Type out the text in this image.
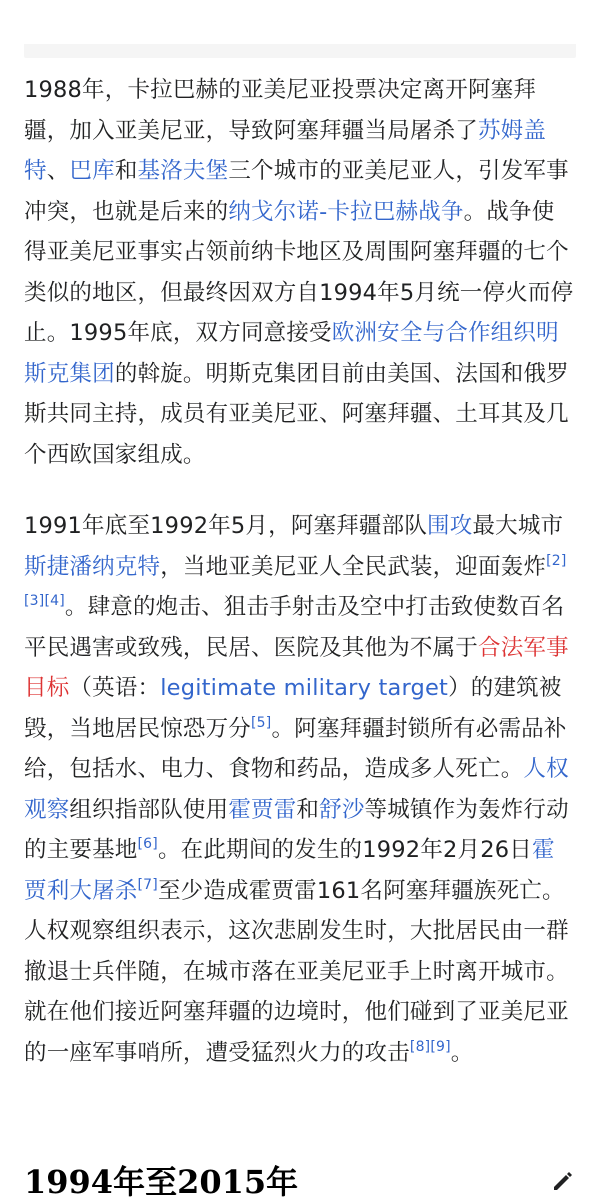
1988年，卡拉巴赫的亚美尼亚投票决定离开阿塞拜疆，加入亚美尼亚，导致阿塞拜疆当局屠杀了苏姆盖特、巴库和基洛夫堡三个城市的亚美尼亚人，引发军事冲突，也就是后来的纳戈尔诺-卡拉巴赫战争。战争使得亚美尼亚事实占领前纳卡地区及周围阿塞拜疆的七个类似的地区，但最终因双方自1994年5月统一停火而停止。1995年底，双方同意接受欧洲安全与合作组织明斯克集团的斡旋。明斯克集团目前由美国、法国和俄罗斯共同主持，成员有亚美尼亚、阿塞拜疆、土耳其及几个西欧国家组成。

1991年底至1992年5月，阿塞拜疆部队围攻最大城市斯捷潘纳克特，当地亚美尼亚人全民武装，迎面轰炸[2][3][4]。肆意的炮击、狙击手射击及空中打击致使数百名平民遇害或致残，民居、医院及其他为不属于合法军事目标（英语：legitimate military target）的建筑被毁，当地居民惊恐万分[5]。阿塞拜疆封锁所有必需品补给，包括水、电力、食物和药品，造成多人死亡。人权观察组织指部队使用霍贾雷和舒沙等城镇作为轰炸行动的主要基地[6]。在此期间的发生的1992年2月26日霍贾利大屠杀[7]至少造成霍贾雷161名阿塞拜疆族死亡。人权观察组织表示，这次悲剧发生时，大批居民由一群撤退士兵伴随，在城市落在亚美尼亚手上时离开城市。就在他们接近阿塞拜疆的边境时，他们碰到了亚美尼亚的一座军事哨所，遭受猛烈火力的攻击[8][9]。

1994年至2015年
